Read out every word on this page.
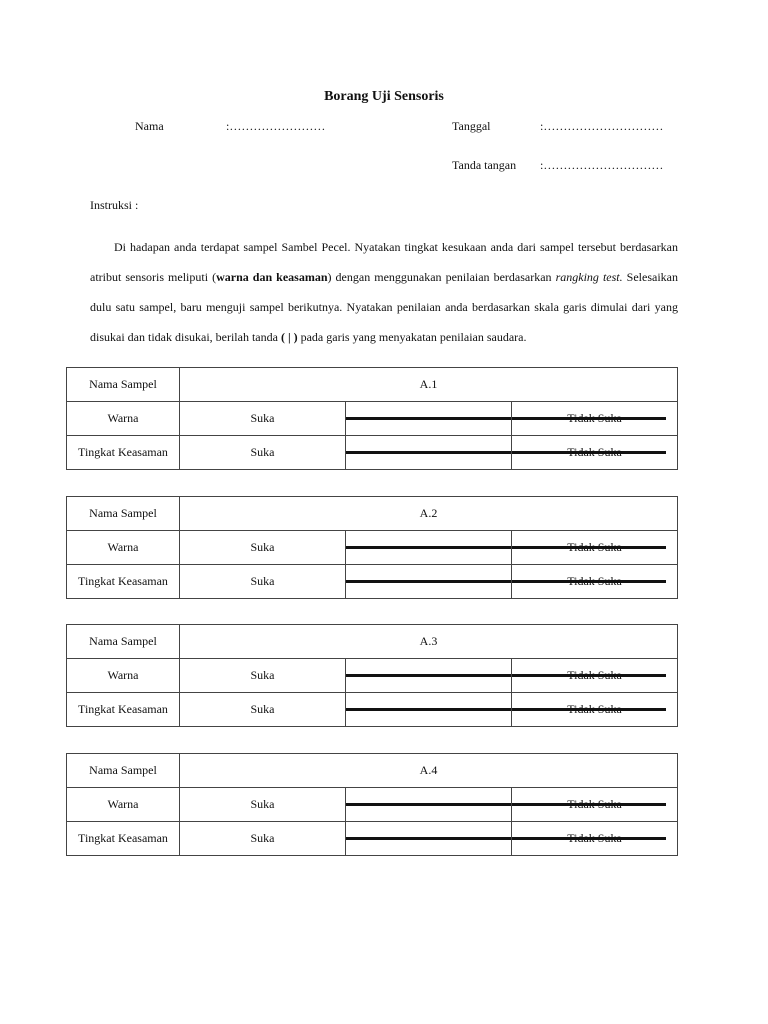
Borang Uji Sensoris
Nama	:……………………	Tanggal	:…………………………
Tanda tangan :…………………………
Instruksi :

Di hadapan anda terdapat sampel Sambel Pecel. Nyatakan tingkat kesukaan anda dari sampel tersebut berdasarkan atribut sensoris meliputi (warna dan keasaman) dengan menggunakan penilaian berdasarkan rangking test. Selesaikan dulu satu sampel, baru menguji sampel berikutnya. Nyatakan penilaian anda berdasarkan skala garis dimulai dari yang disukai dan tidak disukai, berilah tanda ( | ) pada garis yang menyakatan penilaian saudara.

Nama Sampel	A.1		
Warna	Suka		Tidak Suka
Tingkat Keasaman	Suka		Tidak Suka
Nama Sampel	A.2		
Warna	Suka		Tidak Suka
Tingkat Keasaman	Suka		Tidak Suka
Nama Sampel	A.3		
Warna	Suka		Tidak Suka
Tingkat Keasaman	Suka		Tidak Suka
Nama Sampel	A.4		
Warna	Suka		Tidak Suka
Tingkat Keasaman	Suka		Tidak Suka
